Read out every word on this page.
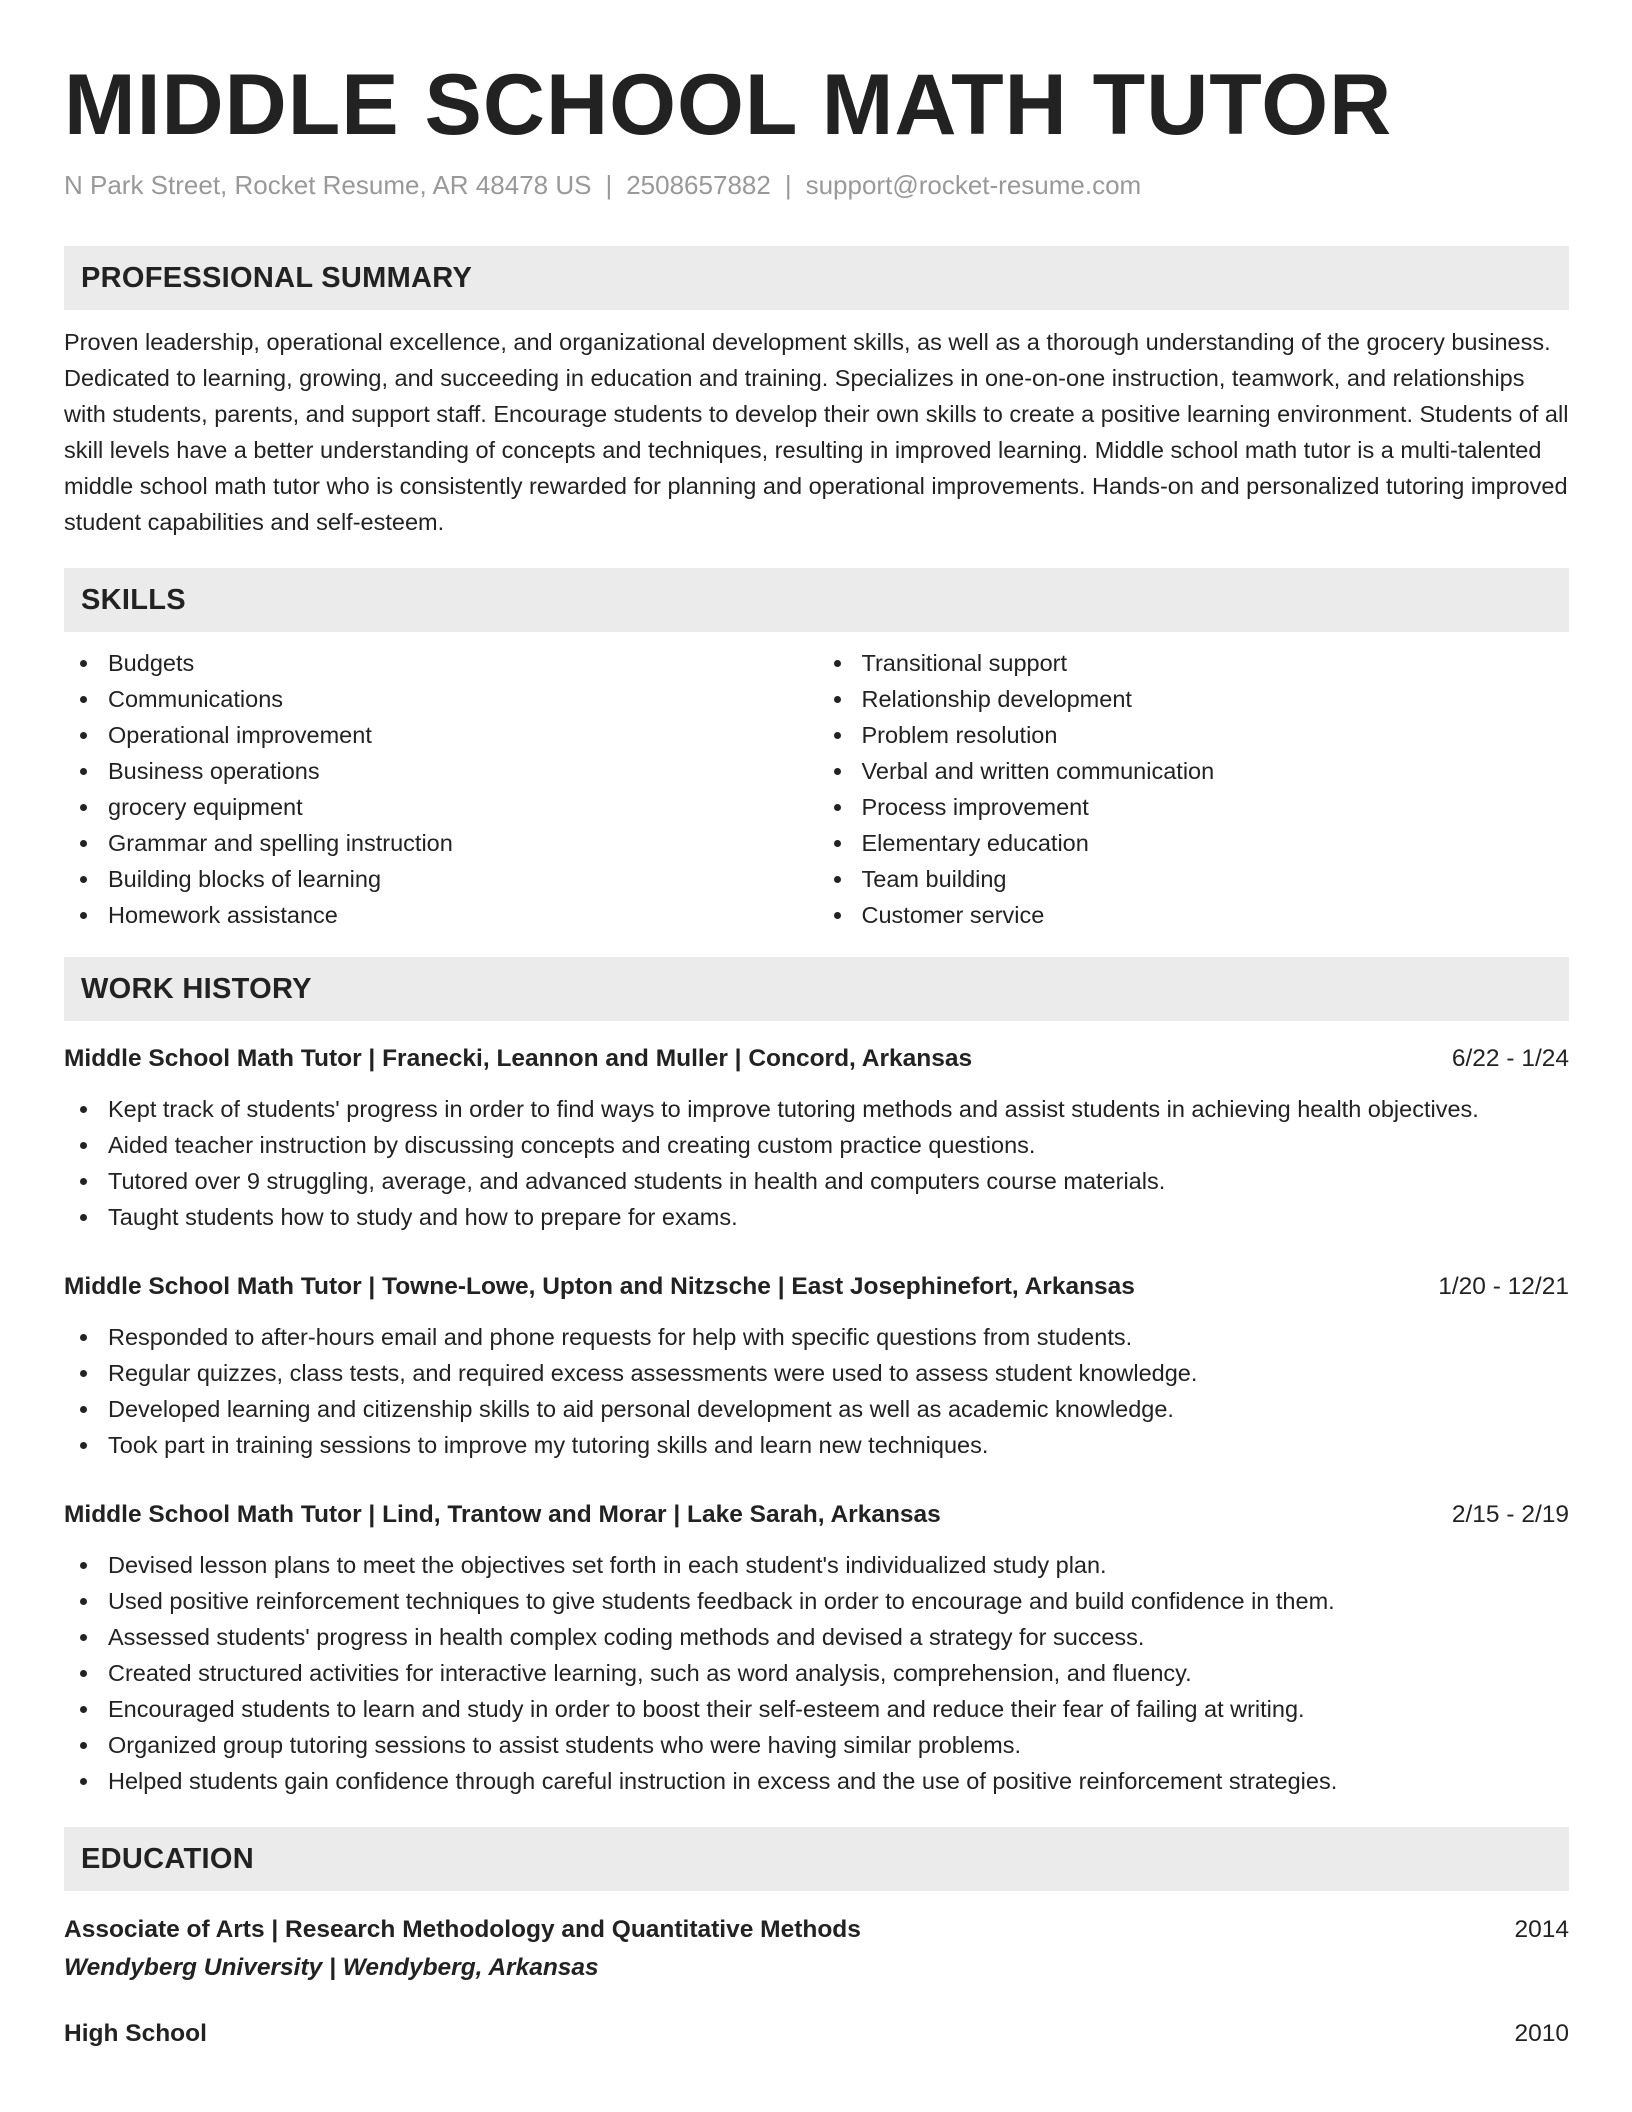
MIDDLE SCHOOL MATH TUTOR
N Park Street, Rocket Resume, AR 48478 US | 2508657882 | support@rocket-resume.com
PROFESSIONAL SUMMARY

Proven leadership, operational excellence, and organizational development skills, as well as a thorough understanding of the grocery business. Dedicated to learning, growing, and succeeding in education and training. Specializes in one-on-one instruction, teamwork, and relationships with students, parents, and support staff. Encourage students to develop their own skills to create a positive learning environment. Students of all skill levels have a better understanding of concepts and techniques, resulting in improved learning. Middle school math tutor is a multi-talented middle school math tutor who is consistently rewarded for planning and operational improvements. Hands-on and personalized tutoring improved student capabilities and self-esteem.

SKILLS
Budgets
Communications
Operational improvement
Business operations
grocery equipment
Grammar and spelling instruction
Building blocks of learning
Homework assistance
Transitional support
Relationship development
Problem resolution
Verbal and written communication
Process improvement
Elementary education
Team building
Customer service
WORK HISTORY
Middle School Math Tutor | Franecki, Leannon and Muller | Concord, Arkansas	6/22 - 1/24
Kept track of students' progress in order to find ways to improve tutoring methods and assist students in achieving health objectives.
Aided teacher instruction by discussing concepts and creating custom practice questions.
Tutored over 9 struggling, average, and advanced students in health and computers course materials.
Taught students how to study and how to prepare for exams.
Middle School Math Tutor | Towne-Lowe, Upton and Nitzsche | East Josephinefort, Arkansas	1/20 - 12/21
Responded to after-hours email and phone requests for help with specific questions from students.
Regular quizzes, class tests, and required excess assessments were used to assess student knowledge.
Developed learning and citizenship skills to aid personal development as well as academic knowledge.
Took part in training sessions to improve my tutoring skills and learn new techniques.
Middle School Math Tutor | Lind, Trantow and Morar | Lake Sarah, Arkansas	2/15 - 2/19
Devised lesson plans to meet the objectives set forth in each student's individualized study plan.
Used positive reinforcement techniques to give students feedback in order to encourage and build confidence in them.
Assessed students' progress in health complex coding methods and devised a strategy for success.
Created structured activities for interactive learning, such as word analysis, comprehension, and fluency.
Encouraged students to learn and study in order to boost their self-esteem and reduce their fear of failing at writing.
Organized group tutoring sessions to assist students who were having similar problems.
Helped students gain confidence through careful instruction in excess and the use of positive reinforcement strategies.
EDUCATION
Associate of Arts | Research Methodology and Quantitative Methods	2014
Wendyberg University | Wendyberg, Arkansas
High School	2010
